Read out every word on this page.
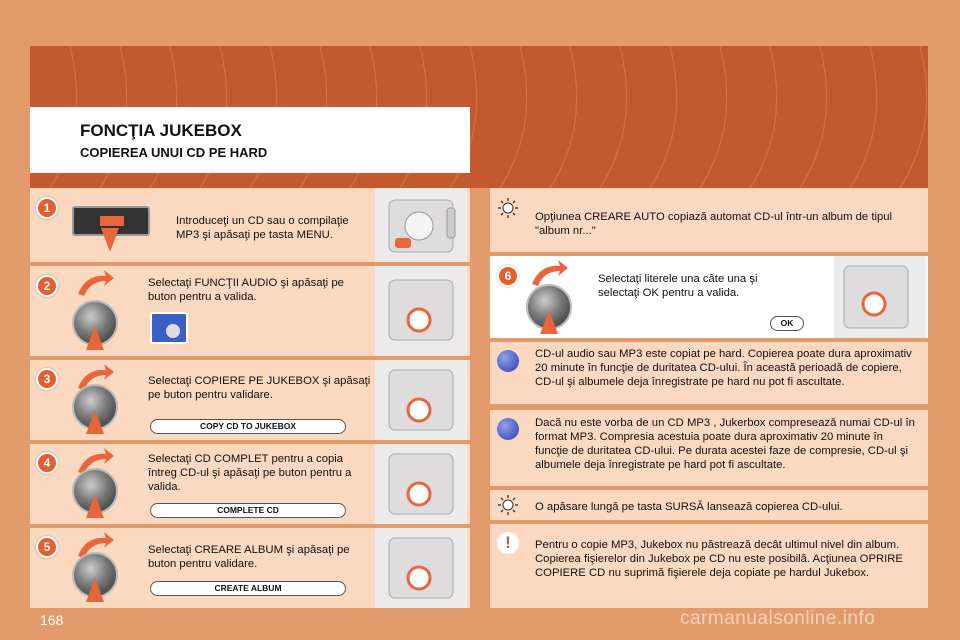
FONCŢIA JUKEBOX
COPIEREA UNUI CD PE HARD
1
Introduceţi un CD sau o compilaţie MP3 şi apăsaţi pe tasta MENU.
2	Selectaţi FUNCŢII AUDIO şi apăsaţi pe buton pentru a valida.
3	Selectaţi COPIERE PE JUKEBOX şi apăsaţi pe buton pentru validare.
COPY CD TO JUKEBOX
4	Selectaţi CD COMPLET pentru a copia întreg CD-ul şi apăsaţi pe buton pentru a valida.
COMPLETE CD
5	Selectaţi CREARE ALBUM şi apăsaţi pe buton pentru validare.
CREATE ALBUM
Opţiunea CREARE AUTO copiază automat CD-ul într-un album de tipul "album nr..."
6	Selectaţi literele una câte una şi selectaţi OK pentru a valida.
OK
CD-ul audio sau MP3 este copiat pe hard. Copierea poate dura aproximativ 20 minute în funcţie de duritatea CD-ului. În această perioadă de copiere, CD-ul şi albumele deja înregistrate pe hard nu pot fi ascultate.
Dacă nu este vorba de un CD MP3 , Jukerbox compresează numai CD-ul în format MP3. Compresia acestuia poate dura aproximativ 20 minute în funcţie de duritatea CD-ului. Pe durata acestei faze de compresie, CD-ul şi albumele deja înregistrate pe hard pot fi ascultate.
O apăsare lungă pe tasta SURSĂ lansează copierea CD-ului.
!	Pentru o copie MP3, Jukebox nu păstrează decât ultimul nivel din album. Copierea fişierelor din Jukebox pe CD nu este posibilă. Acţiunea OPRIRE COPIERE CD nu suprimă fişierele deja copiate pe hardul Jukebox.
168	carmanualsonline.info
